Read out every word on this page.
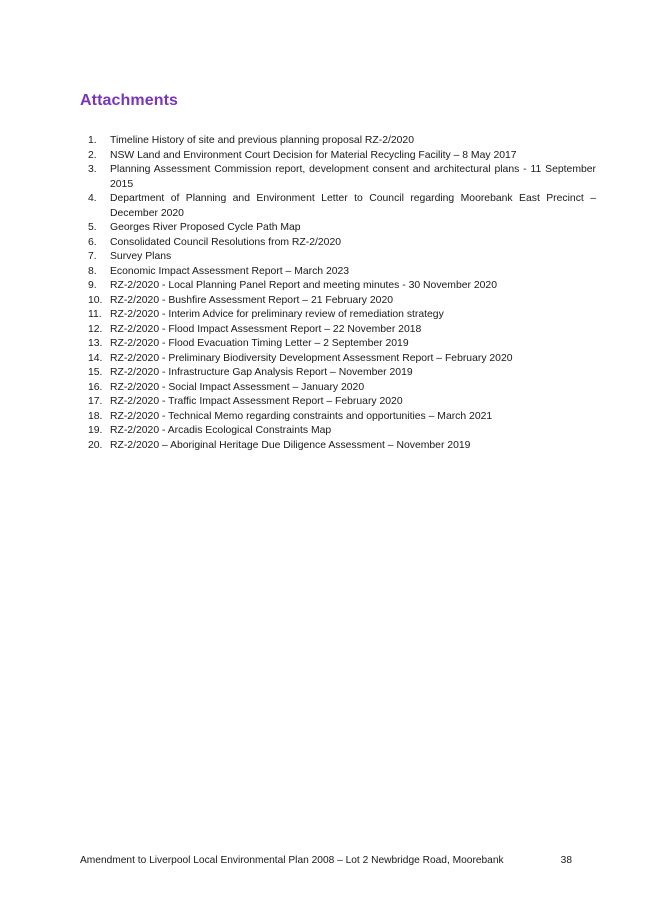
Attachments
1.	Timeline History of site and previous planning proposal RZ-2/2020
2.	NSW Land and Environment Court Decision for Material Recycling Facility – 8 May 2017
3.	Planning Assessment Commission report, development consent and architectural plans - 11 September 2015
4.	Department of Planning and Environment Letter to Council regarding Moorebank East Precinct – December 2020
5.	Georges River Proposed Cycle Path Map
6.	Consolidated Council Resolutions from RZ-2/2020
7.	Survey Plans
8.	Economic Impact Assessment Report – March 2023
9.	RZ-2/2020 - Local Planning Panel Report and meeting minutes - 30 November 2020
10. RZ-2/2020 - Bushfire Assessment Report – 21 February 2020
11. RZ-2/2020 - Interim Advice for preliminary review of remediation strategy
12. RZ-2/2020 - Flood Impact Assessment Report – 22 November 2018
13. RZ-2/2020 - Flood Evacuation Timing Letter – 2 September 2019
14. RZ-2/2020 - Preliminary Biodiversity Development Assessment Report – February 2020
15. RZ-2/2020 - Infrastructure Gap Analysis Report – November 2019
16. RZ-2/2020 - Social Impact Assessment – January 2020
17. RZ-2/2020 - Traffic Impact Assessment Report – February 2020
18. RZ-2/2020 - Technical Memo regarding constraints and opportunities – March 2021
19. RZ-2/2020 - Arcadis Ecological Constraints Map
20. RZ-2/2020 – Aboriginal Heritage Due Diligence Assessment – November 2019
Amendment to Liverpool Local Environmental Plan 2008 – Lot 2 Newbridge Road, Moorebank	38
